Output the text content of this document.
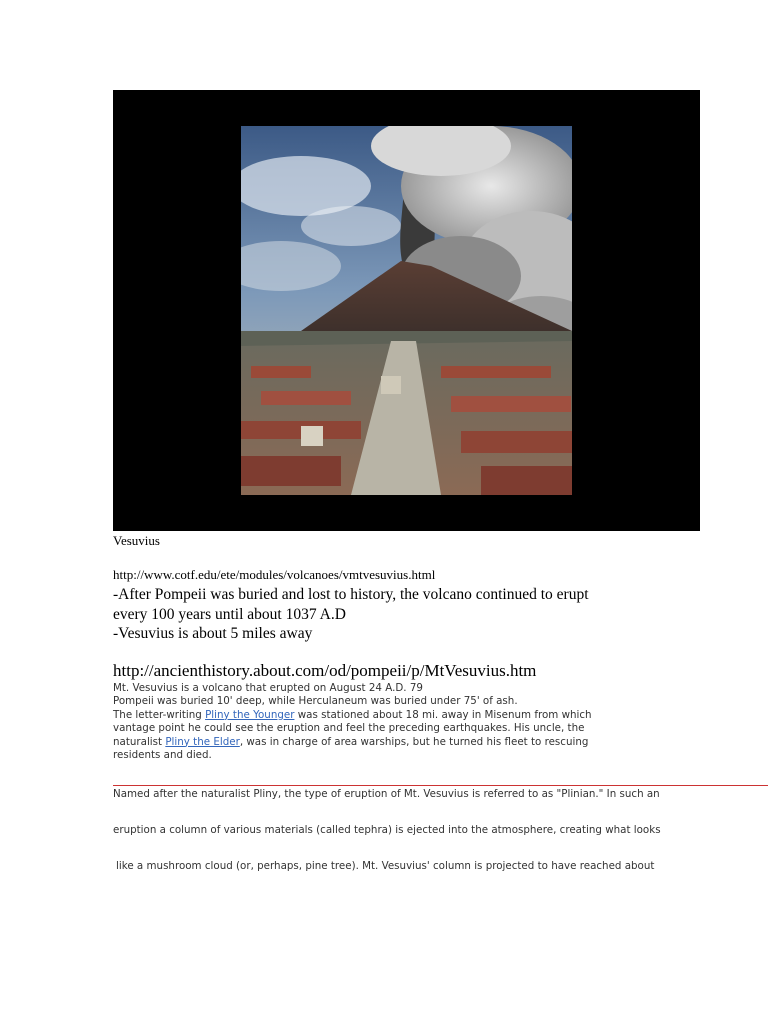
Vesuvius
http://www.cotf.edu/ete/modules/volcanoes/vmtvesuvius.html
-After Pompeii was buried and lost to history, the volcano continued to erupt
every 100 years until about 1037 A.D
-Vesuvius is about 5 miles away
http://ancienthistory.about.com/od/pompeii/p/MtVesuvius.htm
Mt. Vesuvius is a volcano that erupted on August 24 A.D. 79
Pompeii was buried 10' deep, while Herculaneum was buried under 75' of ash.
The letter-writing Pliny the Younger was stationed about 18 mi. away in Misenum from which
vantage point he could see the eruption and feel the preceding earthquakes. His uncle, the
naturalist Pliny the Elder, was in charge of area warships, but he turned his fleet to rescuing
residents and died.
Named after the naturalist Pliny, the type of eruption of Mt. Vesuvius is referred to as "Plinian." In such an
eruption a column of various materials (called tephra) is ejected into the atmosphere, creating what looks
like a mushroom cloud (or, perhaps, pine tree). Mt. Vesuvius' column is projected to have reached about
